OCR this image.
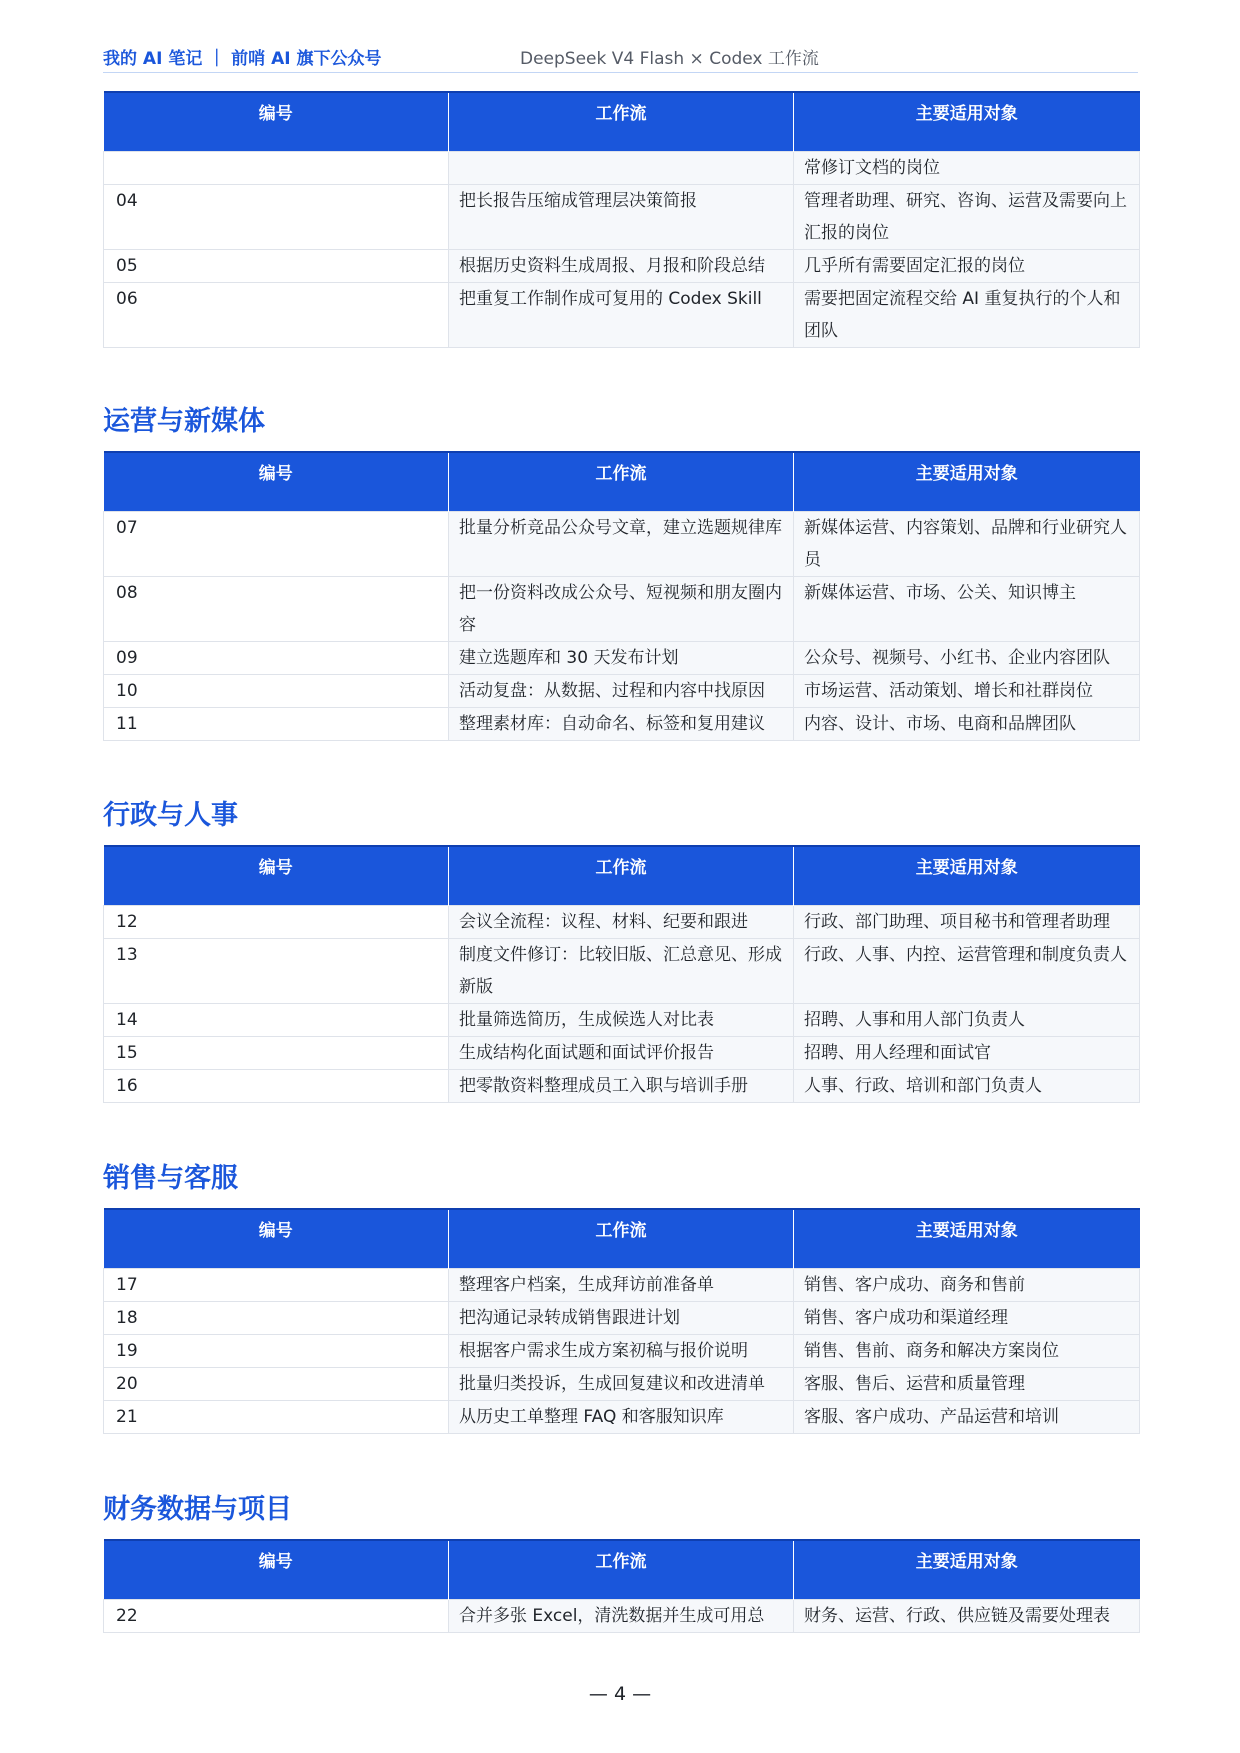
我的 AI 笔记 ｜ 前哨 AI 旗下公众号	DeepSeek V4 Flash × Codex 工作流
编号	工作流	主要适用对象
		常修订文档的岗位
04	把长报告压缩成管理层决策简报	管理者助理、研究、咨询、运营及需要向上汇报的岗位
05	根据历史资料生成周报、月报和阶段总结	几乎所有需要固定汇报的岗位
06	把重复工作制作成可复用的 Codex Skill	需要把固定流程交给 AI 重复执行的个人和团队
运营与新媒体
编号	工作流	主要适用对象
07	批量分析竞品公众号文章，建立选题规律库	新媒体运营、内容策划、品牌和行业研究人员
08	把一份资料改成公众号、短视频和朋友圈内容	新媒体运营、市场、公关、知识博主
09	建立选题库和 30 天发布计划	公众号、视频号、小红书、企业内容团队
10	活动复盘：从数据、过程和内容中找原因	市场运营、活动策划、增长和社群岗位
11	整理素材库：自动命名、标签和复用建议	内容、设计、市场、电商和品牌团队
行政与人事
编号	工作流	主要适用对象
12	会议全流程：议程、材料、纪要和跟进	行政、部门助理、项目秘书和管理者助理
13	制度文件修订：比较旧版、汇总意见、形成新版	行政、人事、内控、运营管理和制度负责人
14	批量筛选简历，生成候选人对比表	招聘、人事和用人部门负责人
15	生成结构化面试题和面试评价报告	招聘、用人经理和面试官
16	把零散资料整理成员工入职与培训手册	人事、行政、培训和部门负责人
销售与客服
编号	工作流	主要适用对象
17	整理客户档案，生成拜访前准备单	销售、客户成功、商务和售前
18	把沟通记录转成销售跟进计划	销售、客户成功和渠道经理
19	根据客户需求生成方案初稿与报价说明	销售、售前、商务和解决方案岗位
20	批量归类投诉，生成回复建议和改进清单	客服、售后、运营和质量管理
21	从历史工单整理 FAQ 和客服知识库	客服、客户成功、产品运营和培训
财务数据与项目
编号	工作流	主要适用对象
22	合并多张 Excel，清洗数据并生成可用总	财务、运营、行政、供应链及需要处理表
— 4 —
